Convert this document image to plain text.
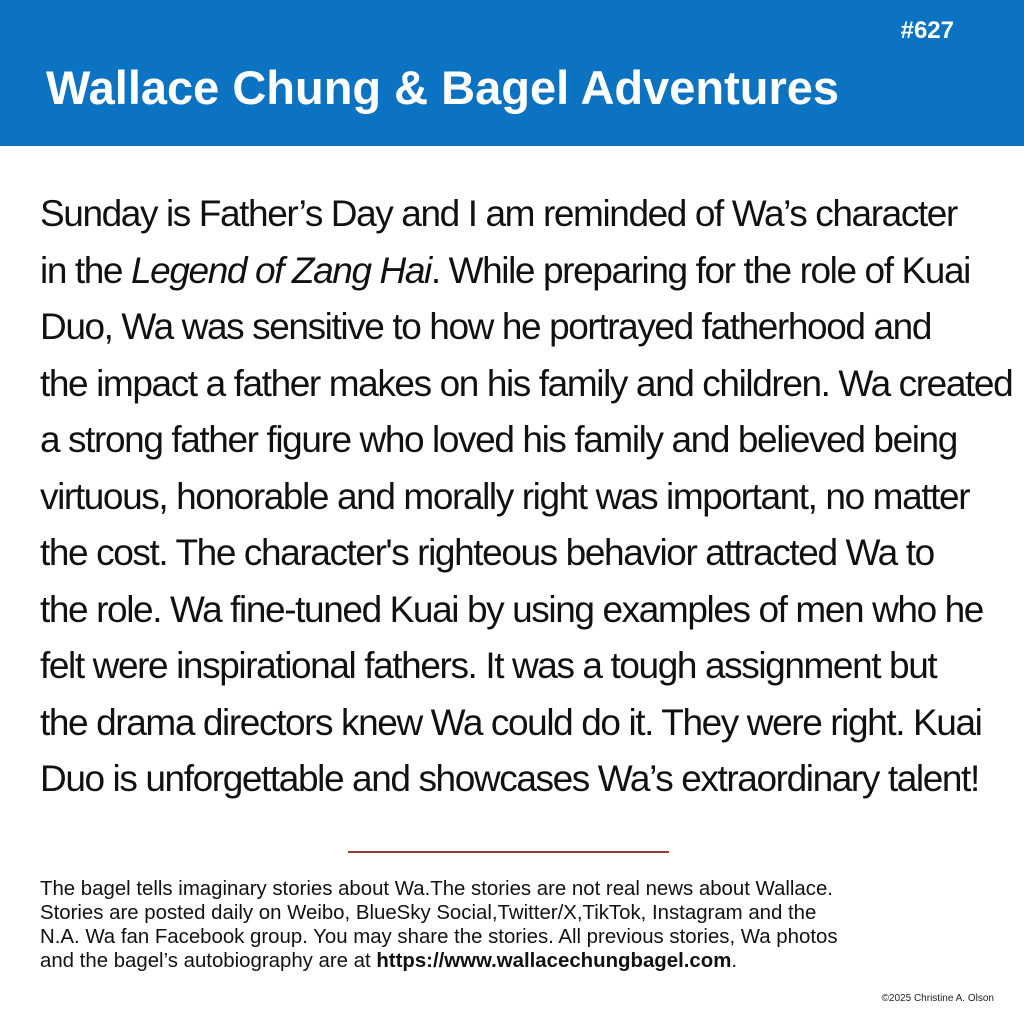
#627
Wallace Chung & Bagel Adventures
Sunday is Father’s Day and I am reminded of Wa’s character
in the Legend of Zang Hai. While preparing for the role of Kuai
Duo, Wa was sensitive to how he portrayed fatherhood and
the impact a father makes on his family and children. Wa created
a strong father figure who loved his family and believed being
virtuous, honorable and morally right was important, no matter
the cost. The character's righteous behavior attracted Wa to
the role. Wa fine-tuned Kuai by using examples of men who he
felt were inspirational fathers. It was a tough assignment but
the drama directors knew Wa could do it. They were right. Kuai
Duo is unforgettable and showcases Wa’s extraordinary talent!
The bagel tells imaginary stories about Wa.The stories are not real news about Wallace.
Stories are posted daily on Weibo, BlueSky Social,Twitter/X,TikTok, Instagram and the
N.A. Wa fan Facebook group. You may share the stories. All previous stories, Wa photos
and the bagel’s autobiography are at https://www.wallacechungbagel.com.
©2025 Christine A. Olson
